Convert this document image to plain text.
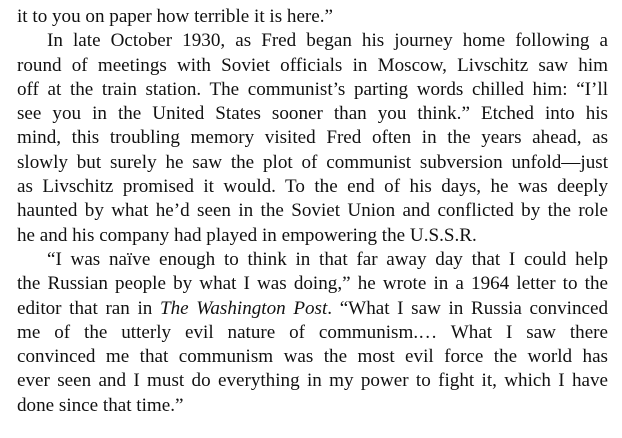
it to you on paper how terrible it is here.”

In late October 1930, as Fred began his journey home following a
round of meetings with Soviet officials in Moscow, Livschitz saw him
off at the train station. The communist’s parting words chilled him: “I’ll
see you in the United States sooner than you think.” Etched into his
mind, this troubling memory visited Fred often in the years ahead, as
slowly but surely he saw the plot of communist subversion unfold—just
as Livschitz promised it would. To the end of his days, he was deeply
haunted by what he’d seen in the Soviet Union and conflicted by the role
he and his company had played in empowering the U.S.S.R.

“I was naïve enough to think in that far away day that I could help
the Russian people by what I was doing,” he wrote in a 1964 letter to the
editor that ran in The Washington Post. “What I saw in Russia convinced
me of the utterly evil nature of communism.… What I saw there
convinced me that communism was the most evil force the world has
ever seen and I must do everything in my power to fight it, which I have
done since that time.”
